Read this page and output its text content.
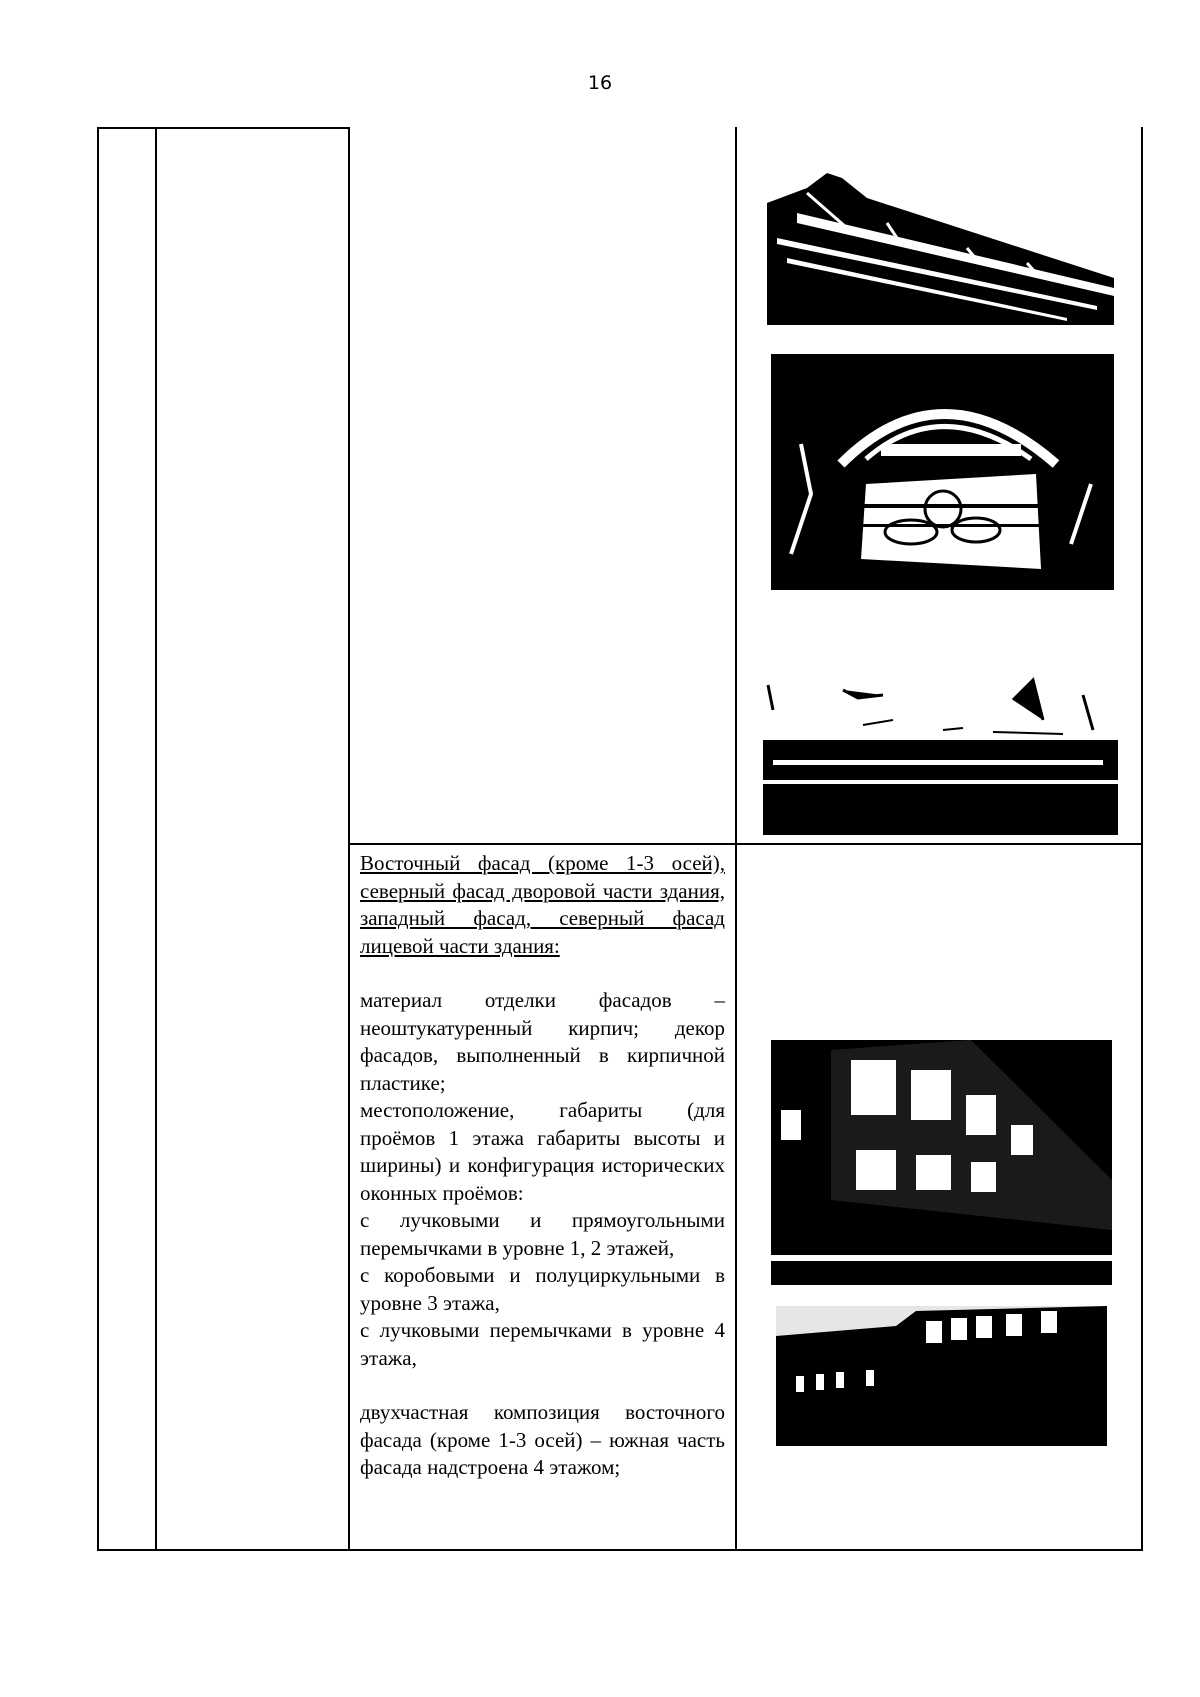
16
Восточный фасад (кроме 1-3 осей), северный фасад дворовой части здания, западный фасад, северный фасад лицевой части здания:

материал отделки фасадов – неоштукатуренный кирпич; декор фасадов, выполненный в кирпичной пластике;

местоположение, габариты (для проёмов 1 этажа габариты высоты и ширины) и конфигурация исторических оконных проёмов:

с лучковыми и прямоугольными перемычками в уровне 1, 2 этажей,

с коробовыми и полуциркульными в уровне 3 этажа,

с лучковыми перемычками в уровне 4 этажа,

двухчастная композиция восточного фасада (кроме 1-3 осей) – южная часть фасада надстроена 4 этажом;
